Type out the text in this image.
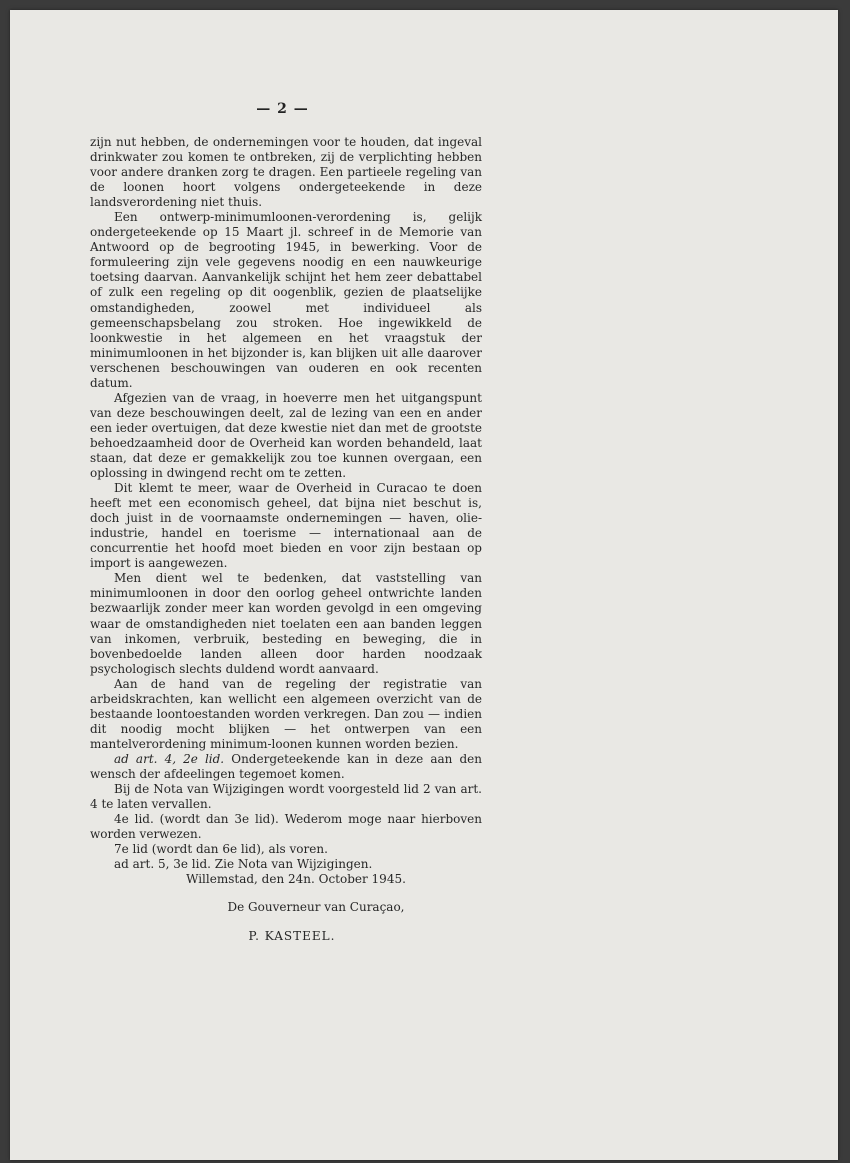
— 2 —

zijn nut hebben, de ondernemingen voor te houden, dat ingeval drinkwater zou komen te ontbreken, zij de verplichting hebben voor andere dranken zorg te dragen. Een partieele regeling van de loonen hoort volgens ondergeteekende in deze landsverordening niet thuis.

Een ontwerp-minimumloonen-verordening is, gelijk ondergeteekende op 15 Maart jl. schreef in de Memorie van Antwoord op de begrooting 1945, in bewerking. Voor de formuleering zijn vele gegevens noodig en een nauwkeurige toetsing daarvan. Aanvankelijk schijnt het hem zeer debattabel of zulk een regeling op dit oogenblik, gezien de plaatselijke omstandigheden, zoowel met individueel als gemeenschapsbelang zou stroken. Hoe ingewikkeld de loonkwestie in het algemeen en het vraagstuk der minimumloonen in het bijzonder is, kan blijken uit alle daarover verschenen beschouwingen van ouderen en ook recenten datum.

Afgezien van de vraag, in hoeverre men het uitgangspunt van deze beschouwingen deelt, zal de lezing van een en ander een ieder overtuigen, dat deze kwestie niet dan met de grootste behoedzaamheid door de Overheid kan worden behandeld, laat staan, dat deze er gemakkelijk zou toe kunnen overgaan, een oplossing in dwingend recht om te zetten.

Dit klemt te meer, waar de Overheid in Curacao te doen heeft met een economisch geheel, dat bijna niet beschut is, doch juist in de voornaamste ondernemingen — haven, olie-industrie, handel en toerisme — internationaal aan de concurrentie het hoofd moet bieden en voor zijn bestaan op import is aangewezen.

Men dient wel te bedenken, dat vaststelling van minimumloonen in door den oorlog geheel ontwrichte landen bezwaarlijk zonder meer kan worden gevolgd in een omgeving waar de omstandigheden niet toelaten een aan banden leggen van inkomen, verbruik, besteding en beweging, die in bovenbedoelde landen alleen door harden noodzaak psychologisch slechts duldend wordt aanvaard.

Aan de hand van de regeling der registratie van arbeidskrachten, kan wellicht een algemeen overzicht van de bestaande loontoestanden worden verkregen. Dan zou — indien dit noodig mocht blijken — het ontwerpen van een mantelverordening minimum-loonen kunnen worden bezien.

ad art. 4, 2e lid. Ondergeteekende kan in deze aan den wensch der afdeelingen tegemoet komen.

Bij de Nota van Wijzigingen wordt voorgesteld lid 2 van art. 4 te laten vervallen.

4e lid. (wordt dan 3e lid). Wederom moge naar hierboven worden verwezen.

7e lid (wordt dan 6e lid), als voren.

ad art. 5, 3e lid. Zie Nota van Wijzigingen.

Willemstad, den 24n. October 1945.
De Gouverneur van Curaçao,
P. KASTEEL.
